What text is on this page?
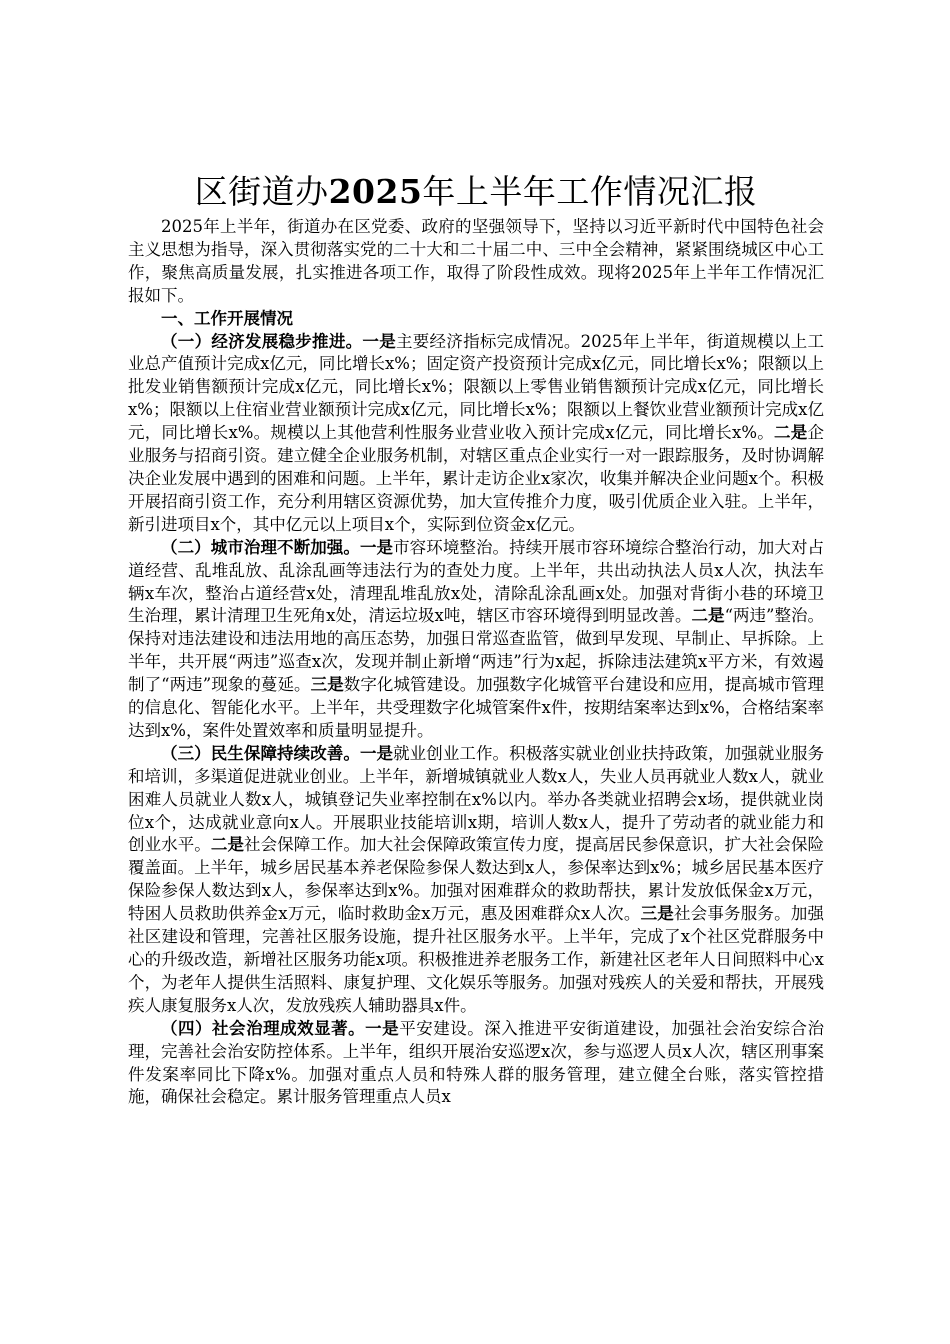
区街道办2025年上半年工作情况汇报

2025年上半年，街道办在区党委、政府的坚强领导下，坚持以习近平新时代中国特色社会主义思想为指导，深入贯彻落实党的二十大和二十届二中、三中全会精神，紧紧围绕城区中心工作，聚焦高质量发展，扎实推进各项工作，取得了阶段性成效。现将2025年上半年工作情况汇报如下。

一、工作开展情况

（一）经济发展稳步推进。一是主要经济指标完成情况。2025年上半年，街道规模以上工业总产值预计完成x亿元，同比增长x%；固定资产投资预计完成x亿元，同比增长x%；限额以上批发业销售额预计完成x亿元，同比增长x%；限额以上零售业销售额预计完成x亿元，同比增长x%；限额以上住宿业营业额预计完成x亿元，同比增长x%；限额以上餐饮业营业额预计完成x亿元，同比增长x%。规模以上其他营利性服务业营业收入预计完成x亿元，同比增长x%。二是企业服务与招商引资。建立健全企业服务机制，对辖区重点企业实行一对一跟踪服务，及时协调解决企业发展中遇到的困难和问题。上半年，累计走访企业x家次，收集并解决企业问题x个。积极开展招商引资工作，充分利用辖区资源优势，加大宣传推介力度，吸引优质企业入驻。上半年，新引进项目x个，其中亿元以上项目x个，实际到位资金x亿元。

（二）城市治理不断加强。一是市容环境整治。持续开展市容环境综合整治行动，加大对占道经营、乱堆乱放、乱涂乱画等违法行为的查处力度。上半年，共出动执法人员x人次，执法车辆x车次，整治占道经营x处，清理乱堆乱放x处，清除乱涂乱画x处。加强对背街小巷的环境卫生治理，累计清理卫生死角x处，清运垃圾x吨，辖区市容环境得到明显改善。二是“两违”整治。保持对违法建设和违法用地的高压态势，加强日常巡查监管，做到早发现、早制止、早拆除。上半年，共开展“两违”巡查x次，发现并制止新增“两违”行为x起，拆除违法建筑x平方米，有效遏制了“两违”现象的蔓延。三是数字化城管建设。加强数字化城管平台建设和应用，提高城市管理的信息化、智能化水平。上半年，共受理数字化城管案件x件，按期结案率达到x%，合格结案率达到x%，案件处置效率和质量明显提升。

（三）民生保障持续改善。一是就业创业工作。积极落实就业创业扶持政策，加强就业服务和培训，多渠道促进就业创业。上半年，新增城镇就业人数x人，失业人员再就业人数x人，就业困难人员就业人数x人，城镇登记失业率控制在x%以内。举办各类就业招聘会x场，提供就业岗位x个，达成就业意向x人。开展职业技能培训x期，培训人数x人，提升了劳动者的就业能力和创业水平。二是社会保障工作。加大社会保障政策宣传力度，提高居民参保意识，扩大社会保险覆盖面。上半年，城乡居民基本养老保险参保人数达到x人，参保率达到x%；城乡居民基本医疗保险参保人数达到x人，参保率达到x%。加强对困难群众的救助帮扶，累计发放低保金x万元，特困人员救助供养金x万元，临时救助金x万元，惠及困难群众x人次。三是社会事务服务。加强社区建设和管理，完善社区服务设施，提升社区服务水平。上半年，完成了x个社区党群服务中心的升级改造，新增社区服务功能x项。积极推进养老服务工作，新建社区老年人日间照料中心x个，为老年人提供生活照料、康复护理、文化娱乐等服务。加强对残疾人的关爱和帮扶，开展残疾人康复服务x人次，发放残疾人辅助器具x件。

（四）社会治理成效显著。一是平安建设。深入推进平安街道建设，加强社会治安综合治理，完善社会治安防控体系。上半年，组织开展治安巡逻x次，参与巡逻人员x人次，辖区刑事案件发案率同比下降x%。加强对重点人员和特殊人群的服务管理，建立健全台账，落实管控措施，确保社会稳定。累计服务管理重点人员x
